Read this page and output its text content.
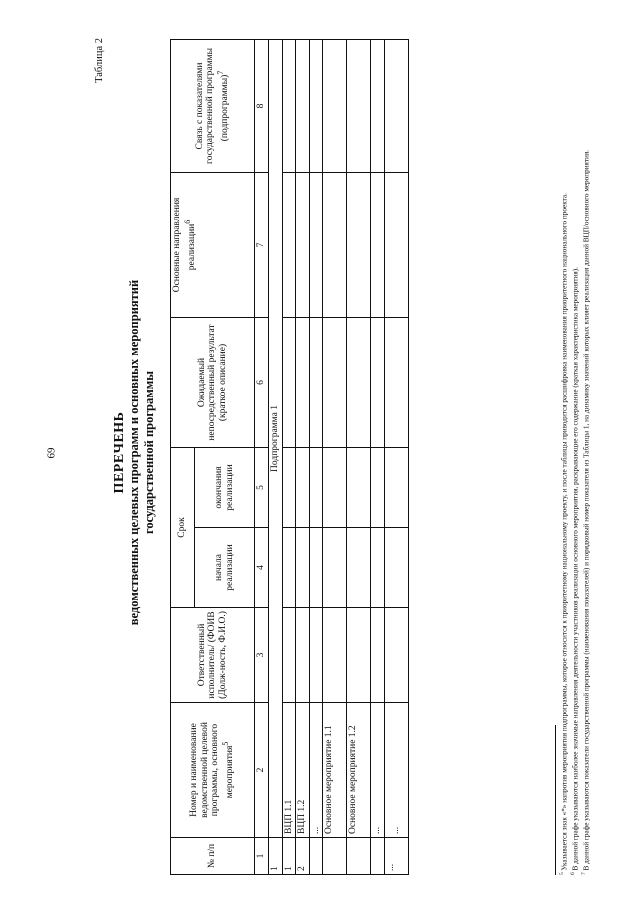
69
Таблица 2
ПЕРЕЧЕНЬ ведомственных целевых программ и основных мероприятий государственной программы
№ п/п	Номер и наименование ведомственной целевой программы, основного мероприятия$^5$	Ответственный исполнитель/ (ФОИВ (Долж-ность, Ф.И.О.)	Срок		Ожидаемый непосредственный результат (краткое описание)	Основные направления реализации$^6$	Связь с показателями государственной программы (подпрограммы)$^7$
			начала реализации	окончания реализации			
1	2	3	4	5	6	7	8
1	Подпрограмма 1						
1	ВЦП 1.1						
2	ВЦП 1.2						
	...						
	Основное мероприятие 1.1						
	Основное мероприятие 1.2						
	...						
...	...						
$^5$ Указывается знак «*» напротив мероприятия подпрограммы, которое относится к приоритетному национальному проекту, и после таблицы приводится расшифровка наименования приоритетного национального проекта.
$^6$ В данной графе указываются наиболее значимые направления деятельности участников реализации основного мероприятия, раскрывающие его содержание (краткая характеристика мероприятия).
$^7$ В данной графе указываются показатели государственной программы (наименования показателей) и порядковый номер показателя из Таблицы 1, на динамику значений которых влияет реализация данной ВЦП/основного мероприятия.
